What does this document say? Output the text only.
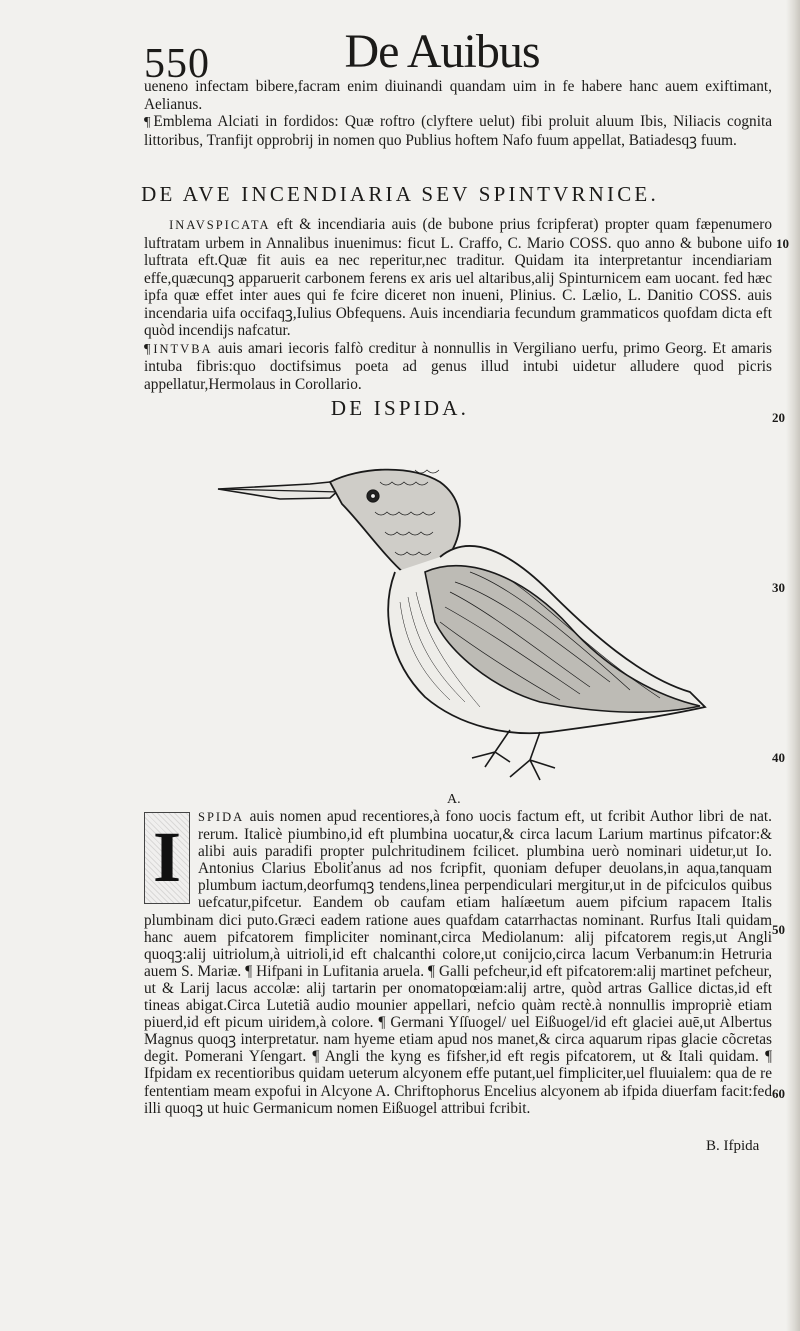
550	De Auibus

ueneno infectam bibere,facram enim diuinandi quandam uim in fe habere hanc auem exiftimant, Aelianus.

¶ Emblema Alciati in fordidos: Quæ roftro (clyftere uelut) fibi proluit aluum Ibis, Niliacis cognita littoribus, Tranfijt opprobrij in nomen quo Publius hoftem Nafo fuum appellat, Batiadesqꝫ fuum.

DE AVE INCENDIARIA SEV SPINTVRNICE.

INAVSPICATA eft & incendiaria auis (de bubone prius fcripferat) propter quam fæpenumero luftratam urbem in Annalibus inuenimus: ficut L. Craffo, C. Mario COSS. quo anno & bubone uifo luftrata eft.Quæ fit auis ea nec reperitur,nec traditur. Quidam ita interpretantur incendiariam effe,quæcunqꝫ apparuerit carbonem ferens ex aris uel altaribus,alij Spinturnicem eam uocant. fed hæc ipfa quæ effet inter aues qui fe fcire diceret non inueni, Plinius. C. Lælio, L. Danitio COSS. auis incendaria uifa occifaqꝫ,Iulius Obfequens. Auis incendiaria fecundum grammaticos quofdam dicta eft quòd incendijs nafcatur.

¶ INTVBA auis amari iecoris falfò creditur à nonnullis in Vergiliano uerfu, primo Georg. Et amaris intuba fibris:quo doctifsimus poeta ad genus illud intubi uidetur alludere quod picris appellatur,Hermolaus in Corollario.

DE ISPIDA.
10
20
30
40
50
60
A.
I

SPIDA auis nomen apud recentiores,à fono uocis factum eft, ut fcribit Author libri de nat. rerum. Italicè piumbino,id eft plumbina uocatur,& circa lacum Larium martinus pifcator:& alibi auis paradifi propter pulchritudinem fcilicet. plumbina uerò nominari uidetur,ut Io. Antonius Clarius Eboliťanus ad nos fcripfit, quoniam defuper deuolans,in aqua,tanquam plumbum iactum,deorfumqꝫ tendens,linea perpendiculari mergitur,ut in de pifciculos quibus uefcatur,pifcetur. Eandem ob caufam etiam halíæetum auem pifcium rapacem Italis plumbinam dici puto.Græci eadem ratione aues quafdam catarrhactas nominant. Rurfus Itali quidam hanc auem pifcatorem fimpliciter nominant,circa Mediolanum: alij pifcatorem regis,ut Angli quoqꝫ:alij uitriolum,à uitrioli,id eft chalcanthi colore,ut conijcio,circa lacum Verbanum:in Hetruria auem S. Mariæ. ¶ Hifpani in Lufitania aruela. ¶ Galli pefcheur,id eft pifcatorem:alij martinet pefcheur, ut & Larij lacus accolæ: alij tartarin per onomatopœiam:alij artre, quòd artras Gallice dictas,id eft tineas abigat.Circa Lutetiã audio mounier appellari, nefcio quàm rectè.à nonnullis impropriè etiam piuerd,id eft picum uiridem,à colore. ¶ Germani Yſſuogel/ uel Eißuogel/id eft glaciei auē,ut Albertus Magnus quoqꝫ interpretatur. nam hyeme etiam apud nos manet,& circa aquarum ripas glacie cõcretas degit. Pomerani Yſengart. ¶ Angli the kyng es fifsher,id eft regis pifcatorem, ut & Itali quidam. ¶ Ifpidam ex recentioribus quidam ueterum alcyonem effe putant,uel fimpliciter,uel fluuialem: qua de re fententiam meam expofui in Alcyone A. Chriftophorus Encelius alcyonem ab ifpida diuerfam facit:fed illi quoqꝫ ut huic Germanicum nomen Eißuogel attribui fcribit.

B. Ifpida
